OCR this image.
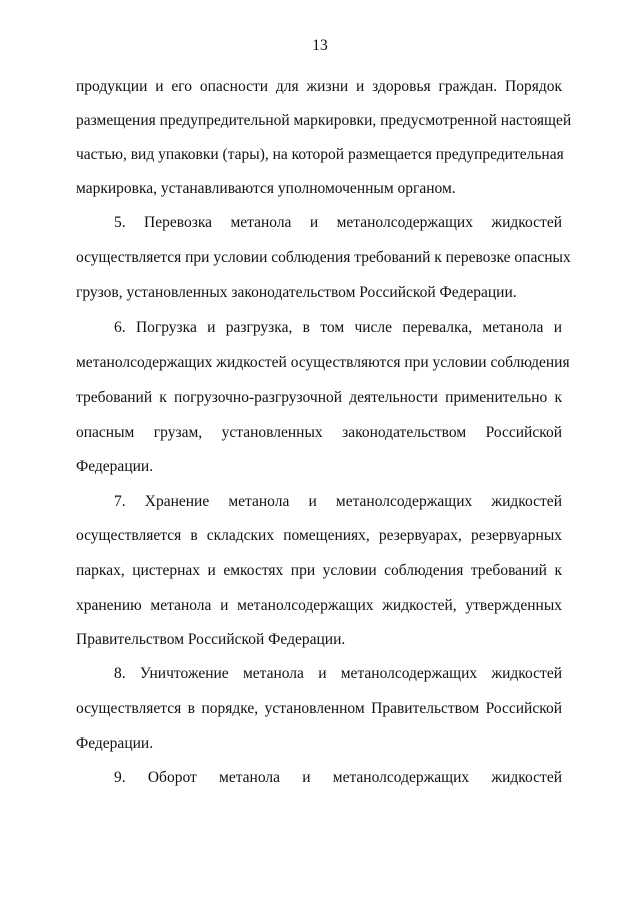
13
продукции и его опасности для жизни и здоровья граждан. Порядок
размещения предупредительной маркировки, предусмотренной настоящей
частью, вид упаковки (тары), на которой размещается предупредительная
маркировка, устанавливаются уполномоченным органом.
5. Перевозка метанола и метанолсодержащих жидкостей
осуществляется при условии соблюдения требований к перевозке опасных
грузов, установленных законодательством Российской Федерации.
6. Погрузка и разгрузка, в том числе перевалка, метанола и
метанолсодержащих жидкостей осуществляются при условии соблюдения
требований к погрузочно-разгрузочной деятельности применительно к
опасным грузам, установленных законодательством Российской
Федерации.
7. Хранение метанола и метанолсодержащих жидкостей
осуществляется в складских помещениях, резервуарах, резервуарных
парках, цистернах и емкостях при условии соблюдения требований к
хранению метанола и метанолсодержащих жидкостей, утвержденных
Правительством Российской Федерации.
8. Уничтожение метанола и метанолсодержащих жидкостей
осуществляется в порядке, установленном Правительством Российской
Федерации.
9. Оборот метанола и метанолсодержащих жидкостей
